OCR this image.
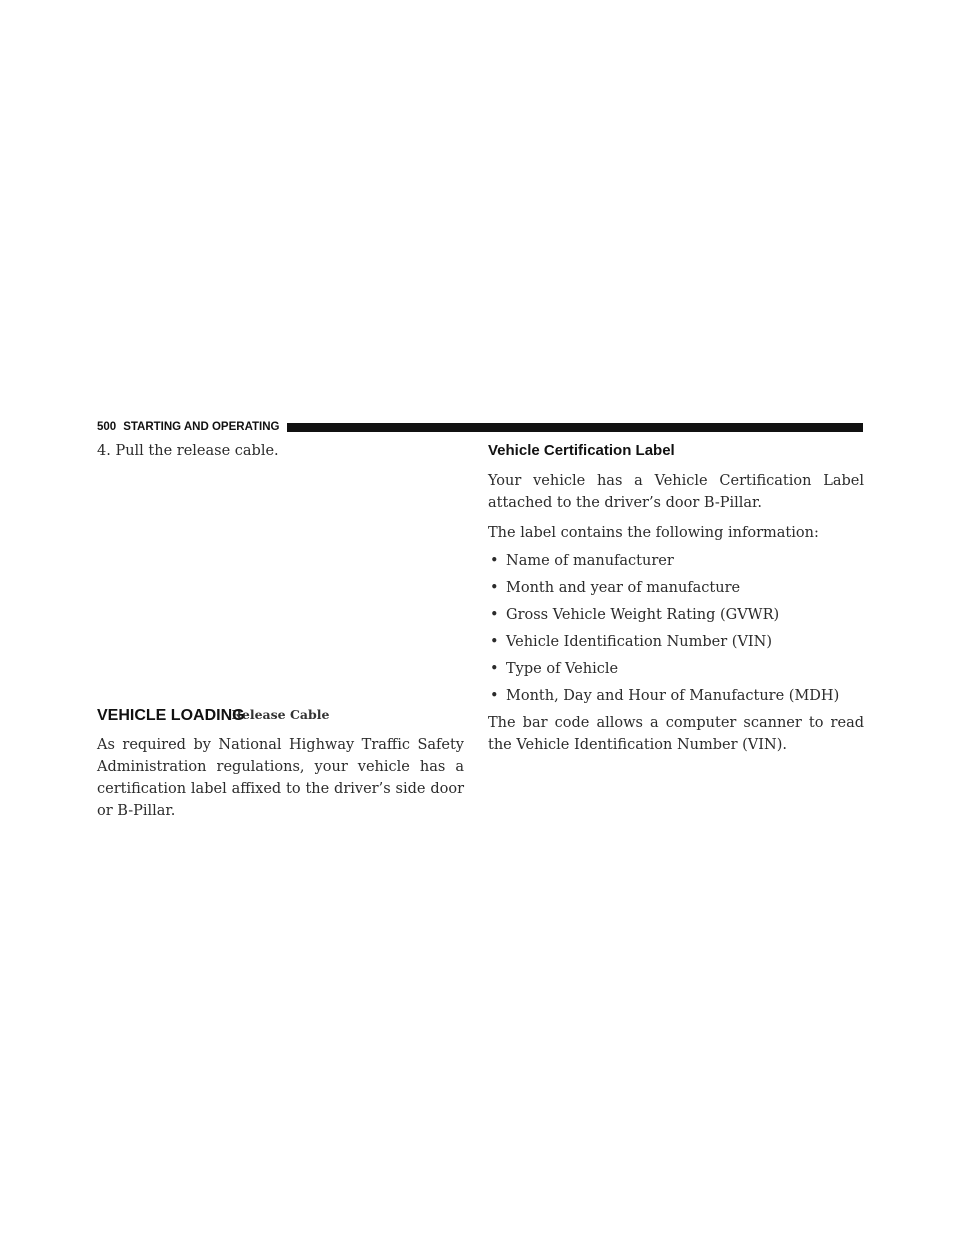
500 STARTING AND OPERATING

4. Pull the release cable.

Release Cable
VEHICLE LOADING

As required by National Highway Traffic Safety Administration regulations, your vehicle has a certification label affixed to the driver’s side door or B-Pillar.

Vehicle Certification Label

Your vehicle has a Vehicle Certification Label attached to the driver’s door B-Pillar.

The label contains the following information:

• Name of manufacturer
• Month and year of manufacture
• Gross Vehicle Weight Rating (GVWR)
• Vehicle Identification Number (VIN)
• Type of Vehicle
• Month, Day and Hour of Manufacture (MDH)

The bar code allows a computer scanner to read the Vehicle Identification Number (VIN).
